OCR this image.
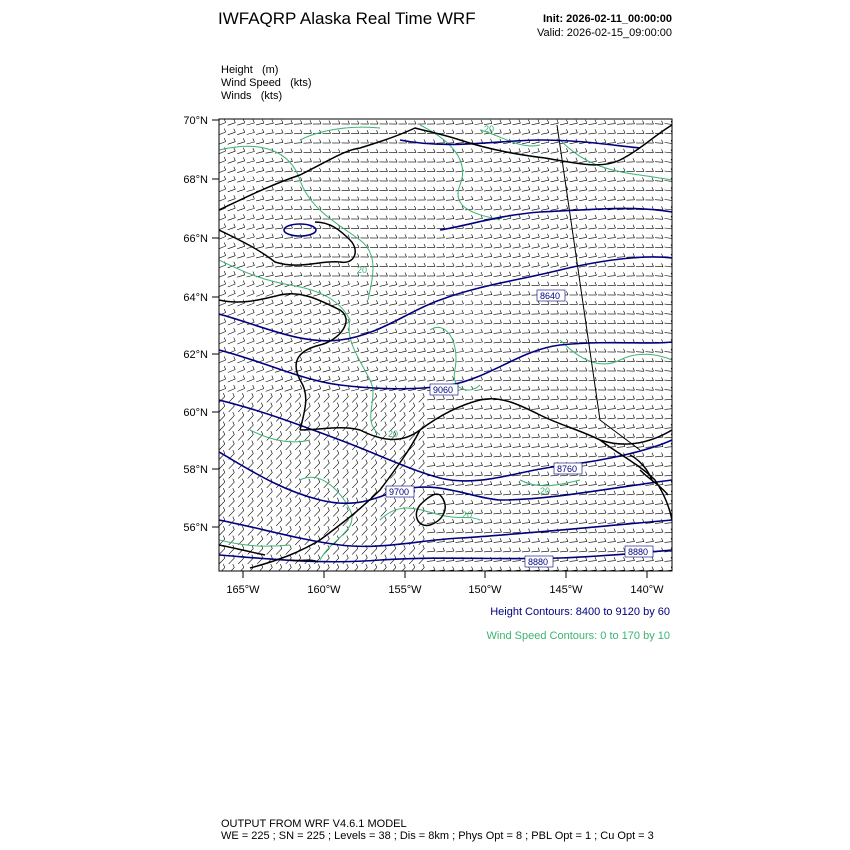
IWFAQRP Alaska Real Time WRF	Init: 2026-02-11_00:00:00
Valid: 2026-02-15_09:00:00
Height   (m)
Wind Speed   (kts)
Winds   (kts)
8640
9060
8760
9700
8880
8880
20
20
20
20
20
70°N
68°N
66°N
64°N
62°N
60°N
58°N
56°N
165°W	160°W	155°W	150°W	145°W	140°W
Height Contours: 8400 to 9120 by 60
Wind Speed Contours: 0 to 170 by 10
OUTPUT FROM WRF V4.6.1 MODEL
WE = 225 ; SN = 225 ; Levels = 38 ; Dis = 8km ; Phys Opt = 8 ; PBL Opt = 1 ; Cu Opt = 3
